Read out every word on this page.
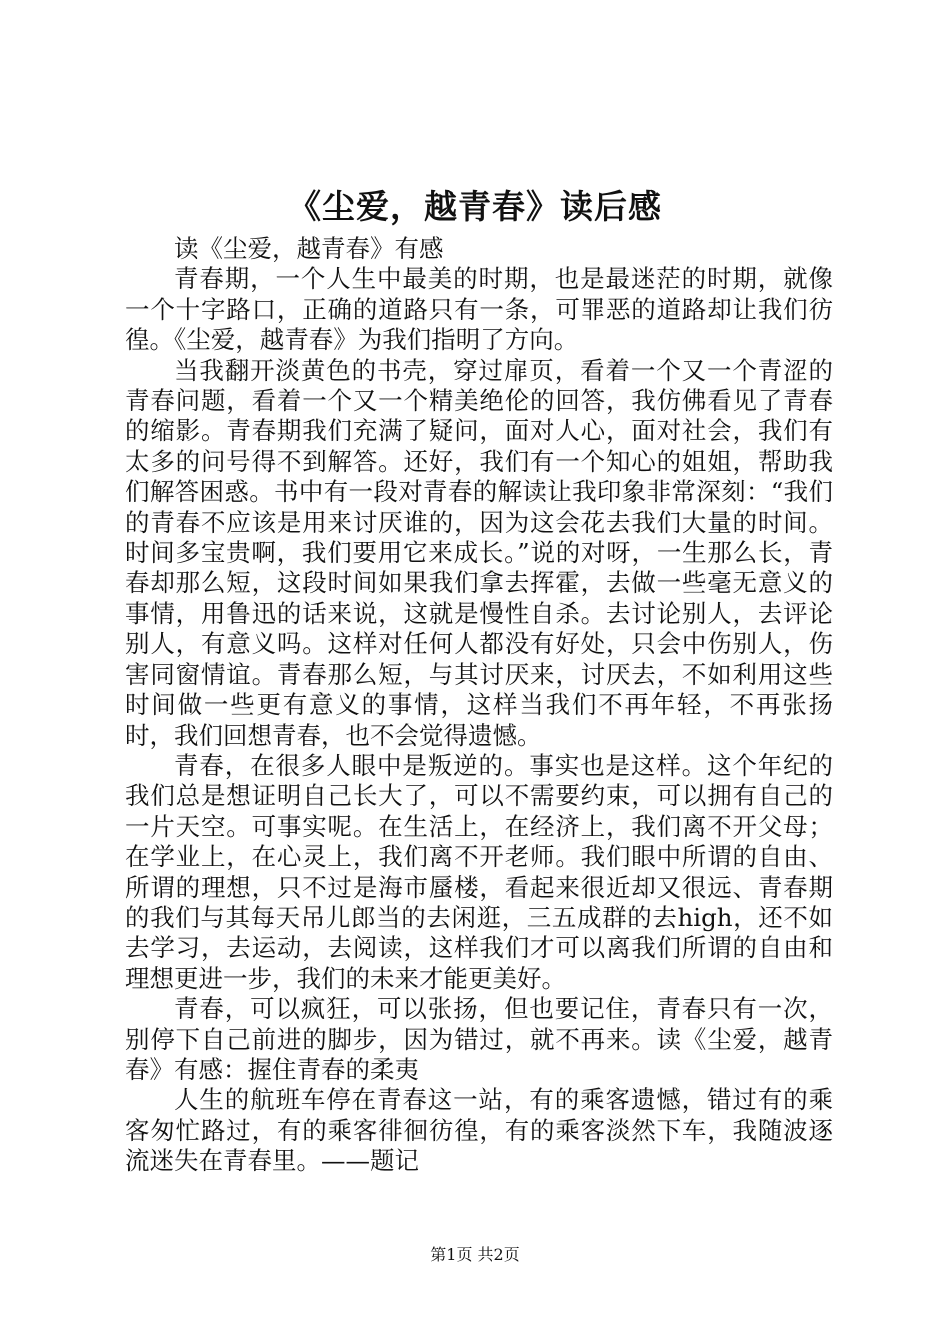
《尘爱，越青春》读后感

读《尘爱，越青春》有感

青春期，一个人生中最美的时期，也是最迷茫的时期，就像一个十字路口，正确的道路只有一条，可罪恶的道路却让我们彷徨。《尘爱，越青春》为我们指明了方向。

当我翻开淡黄色的书壳，穿过扉页，看着一个又一个青涩的青春问题，看着一个又一个精美绝伦的回答，我仿佛看见了青春的缩影。青春期我们充满了疑问，面对人心，面对社会，我们有太多的问号得不到解答。还好，我们有一个知心的姐姐，帮助我们解答困惑。书中有一段对青春的解读让我印象非常深刻：“我们的青春不应该是用来讨厌谁的，因为这会花去我们大量的时间。时间多宝贵啊，我们要用它来成长。”说的对呀，一生那么长，青春却那么短，这段时间如果我们拿去挥霍，去做一些毫无意义的事情，用鲁迅的话来说，这就是慢性自杀。去讨论别人，去评论别人，有意义吗。这样对任何人都没有好处，只会中伤别人，伤害同窗情谊。青春那么短，与其讨厌来，讨厌去，不如利用这些时间做一些更有意义的事情，这样当我们不再年轻，不再张扬时，我们回想青春，也不会觉得遗憾。

青春，在很多人眼中是叛逆的。事实也是这样。这个年纪的我们总是想证明自己长大了，可以不需要约束，可以拥有自己的一片天空。可事实呢。在生活上，在经济上，我们离不开父母；在学业上，在心灵上，我们离不开老师。我们眼中所谓的自由、所谓的理想，只不过是海市蜃楼，看起来很近却又很远、青春期的我们与其每天吊儿郎当的去闲逛，三五成群的去high，还不如去学习，去运动，去阅读，这样我们才可以离我们所谓的自由和理想更进一步，我们的未来才能更美好。

青春，可以疯狂，可以张扬，但也要记住，青春只有一次，别停下自己前进的脚步，因为错过，就不再来。读《尘爱，越青春》有感：握住青春的柔夷

人生的航班车停在青春这一站，有的乘客遗憾，错过有的乘客匆忙路过，有的乘客徘徊彷徨，有的乘客淡然下车，我随波逐流迷失在青春里。——题记

第1页 共2页
